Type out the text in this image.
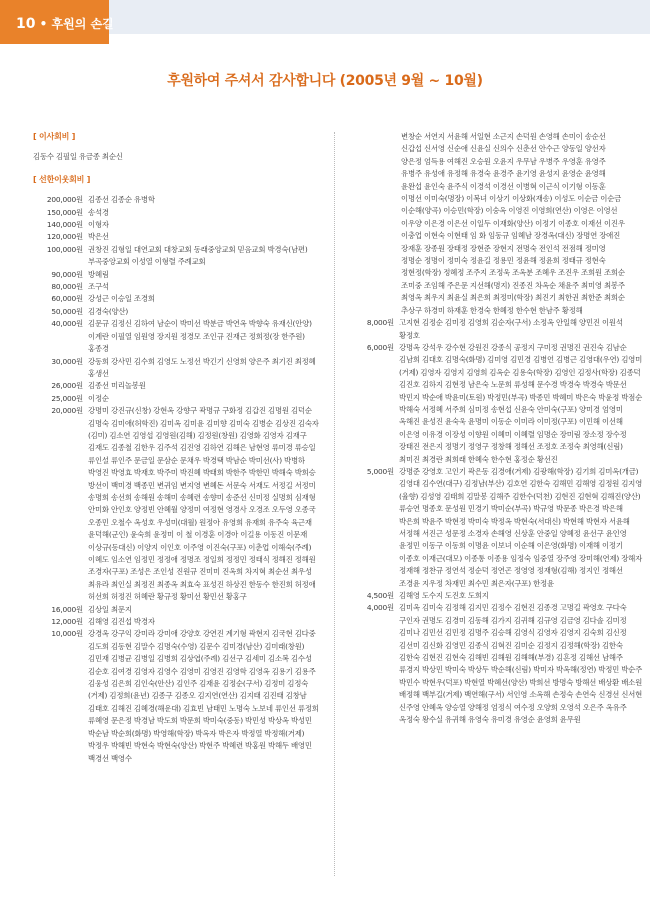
10 • 후원의 손길
후원하여 주셔서 감사합니다 (2005년 9월 ~ 10월)
[ 이사회비 ]
김동수 김필일 유금종 최순신
[ 선한이웃회비 ]
200,000원 김종선 김종순 유병학
150,000원 송석경
140,000원 이형자
120,000원 박은선
100,000원 권창진 김형일 대연교회 대창교회 동래중앙교회 믿음교회 박경숙(남편) 부곡중앙교회 이성열 이형렬 주례교회
90,000원 방혜림
80,000원 조구석
60,000원 강성근 이승일 조경희
50,000원 김경숙(양산)
40,000원 김문규 김정신 김하여 남순이 박미선 박분금 박연옥 박향숙 유재신(안양) 이계란 이필열 임원영 장지원 정경모 조인규 진재근 정희정(장 한주원) 홍종경
30,000원 강동희 강사민 김수희 김영도 노정선 박긴기 신영희 양은주 최기진 최정혜 홍생선
26,000원 김종선 미리놀봉원
25,000원 이정순
20,000원 강명미 강진규(신창) 강현옥 강향구 곽명규 구화정 김갑진 김명원 김덕순 김명숙 김미애(허학진) 김미옥 김미윤 김미향 김미숙 김병순 김상진 김숙자(김미) 김소연 김영섭 김영원(김해) 김정원(창원) 김영화 김영자 김재구 김재도 김종철 김한우 김주석 김진영 김하연 김해은 남현영 류미경 류승일 류인설 류인주 문금일 문삼순 문채우 박경택 박남순 박미선(사) 박병하 박영진 박영효 박재호 박주미 박진혜 박태희 박한주 박한민 박해숙 박희승 방선이 백미경 백종민 변귀임 변지영 변혜돈 서문숙 서재도 서정길 서정미 송명희 송선희 송해원 송해미 송혜련 송향미 송준선 신미정 실명희 심재형 안미화 안인호 양정빈 안혜월 양정미 여정현 영경사 오경조 오두영 오종국 오종민 오철수 옥성호 우성미(대월) 원정아 유영희 유재희 유주숙 육근재 윤덕해(군인) 윤숙희 윤정미 이 철 이경훈 이경아 이길용 이동진 이문재 이상규(동대신) 이양지 이인호 이주영 이진숙(구포) 이춘업 이해숙(주례) 이혜도 임소연 임정민 정정애 정명조 정일희 정정민 정태식 정해진 정해원 조경자(구포) 조성은 조인성 진원규 진미미 진옥희 차지혁 최순선 최우성 최유라 최인실 최정진 최종옥 최효숙 표성진 하상진 한동수 한진희 허정애 허선희 허정진 허혜란 황규정 황미선 황민선 황홍구
16,000원 김상일 최문지
12,000원 김해영 김진섭 박경자
10,000원 강경옥 강구익 강미라 강미애 강양호 강연진 계기형 곽현지 김국현 김다중 김도희 김동현 김말수 김명숙(수영) 김문수 김미경(남산) 김미래(창원) 김민재 김병균 김병일 김병희 김상엽(주례) 김선구 김세미 김소복 김수성 김순호 김여경 김영자 김영수 김영미 김영진 김영학 김영옥 김용기 김용주 김웅성 김은희 김인숙(안산) 김인주 김재윤 김정순(구서) 김정미 김정숙(거제) 김정희(윤년) 김종구 김종오 김지연(연산) 김지태 김진태 김창남 김태호 김해진 김혜경(해운대) 김효빈 남태민 노명숙 노보네 류인선 류정희 류혜영 문은정 박경남 박도희 박문희 박미숙(중동) 박민성 박상옥 박성민 박순남 박순희(화명) 박영해(학장) 박옥자 박은자 박정열 박정해(거제) 박정우 박해빈 박현숙 박현숙(양산) 박현주 박혜련 박홍원 박해두 배영민 백경선 백영수
변창순 서연지 서윤해 서일현 소근지 손덕원 손영해 손미이 송순선
신갑섭 신서영 신순애 신윤실 신의수 신춘선 안수근 양동일 양선자
양은정 엄득용 여해진 오승원 오윤지 우무남 우병주 우영훈 유영주
유병주 유성애 유정해 유경숙 윤경주 윤기영 윤성지 윤영순 윤영해
윤완섭 윤인숙 윤주식 이경석 이경선 이병혁 이근식 이기형 이동훈
이명선 이미숙(명장) 이복녀 이상기 이상화(재송) 이성도 이순금 이순금
이순해(양곡) 이승민(학장) 이숭옥 이영진 이영희(연산) 이영은 이영선
이우양 이은경 이은선 이일두 이재화(양산) 이정기 이종호 이재선 이진우
이충업 이현숙 이현태 임 화 임동규 임혜남 장경옥(대신) 장명연 장애진
장재훈 장종원 장태정 장현준 장현지 전명숙 전인석 전점해 정미영
정명순 정명이 정미숙 정윤길 정용민 정윤해 정윤희 정태규 정현숙
정현정(학장) 정혜정 조주지 조정욱 조옥분 조혜우 조진우 조희원 조희순
조미중 조임해 주은문 지선해(명지) 진종진 차옥순 채윤주 최미영 최봉주
최영옥 최우지 최윤실 최은희 최정미(학장) 최진기 최한권 최한준 최희순
추상구 하경미 하재훈 한경숙 한혜정 한수현 한남주 황정해
8,000원 고지현 김정순 김미정 김영희 김순자(구서) 소정옥 안일해 양민진 이원석 황정호
6,000원 강명옥 강석우 강수현 강원진 강종식 공정지 구미정 권명진 권진숙 김남순 김남희 김대호 김명숙(화명) 김미영 김민경 김병언 김병근 김영대(우연) 김영미(거제) 김영자 김영지 김영희 김옥순 김용숙(학장) 김영인 김정사(학장) 김종덕 김진호 김하지 김현정 남은숙 노문희 류성해 문수경 박경숙 박경숙 박문선 박민지 박순애 박윤미(토원) 박정민(부곡) 박종민 박혜미 박은숙 박윤정 박점순 박해숙 서정혜 서주희 심미정 송현섭 신윤숙 안미숙(구포) 양미경 엄영미 옥해진 윤성진 윤숙욱 윤명미 이동순 이미라 이미정(구포) 이민해 이선해 이은영 이유경 이장성 이향원 이혜미 이혜렬 임명순 장미림 장소정 장수정 장태진 전은지 정명기 정영구 정창해 정해선 조정호 조정숙 최영해(신림) 최미진 최경란 최희래 한혜숙 한수현 홍정순 황선진
5,000원 강명준 강영호 고인기 곽은동 김경애(거제) 김광해(학장) 김기희 김미옥(개금) 김영대 김수연(대구) 김정남(부산) 김호연 김한숙 김해민 김해영 김정원 김지영(율향) 김성영 김태희 김말봉 김해주 김한수(덕천) 김현진 김현혁 김해진(양산) 류승연 명종호 문성원 민경기 박미순(부곡) 박규영 박문종 박은경 박은해 박은희 박윤주 박현정 박미숙 박정옥 박현숙(서대신) 박현해 박현자 서윤해 서정해 서진근 성문정 소경자 손해영 신상훈 안중일 양혜정 윤선구 윤인영 윤정민 이동구 이동희 이명윤 이보녀 이순해 이은영(화명) 이재해 이정기 이종호 이재근(대모) 이종통 이종용 임정숙 임중열 장주영 장미해(연제) 장해자 정재해 정찬규 정연석 정순덕 정연곤 정영영 정재형(김해) 정지인 정해선 조경윤 지우정 차재민 최수민 최은자(구포) 한정윤
4,500원 김해영 도수지 도진호 도희지
4,000원 김미옥 김미숙 김정해 김지민 김정수 김현진 김종경 고명길 곽영호 구다숙 구인자 권명도 김경미 김동해 김가지 김귀해 김규영 김금영 김다솔 김미정 김미나 김민선 김민정 김명주 김승해 김영식 김영자 김영지 김숙희 김신정 김선미 김신화 김영민 김종식 김혁진 김미순 김정지 김정해(학장) 김한숙 김한숙 김현진 김현숙 김해빈 김해원 김해해(부경) 김흔정 김해선 남해주 류경지 박상민 박미숙 박상두 박순해(신림) 박미자 박옥해(정연) 박정민 박순주 박민수 박현우(덕포) 박현열 박혜선(양산) 박희선 방명숙 방해선 배상환 배소원 배정해 백부길(거제) 백연해(구서) 서인영 소옥해 손정숙 손연숙 신경선 신서현 신주영 안혜옥 양승열 양해정 엄정식 여수정 오양희 오영석 오은주 옥유주 옥정숙 왕수실 유귀해 유영숙 유미경 유영순 윤영희 윤무원
